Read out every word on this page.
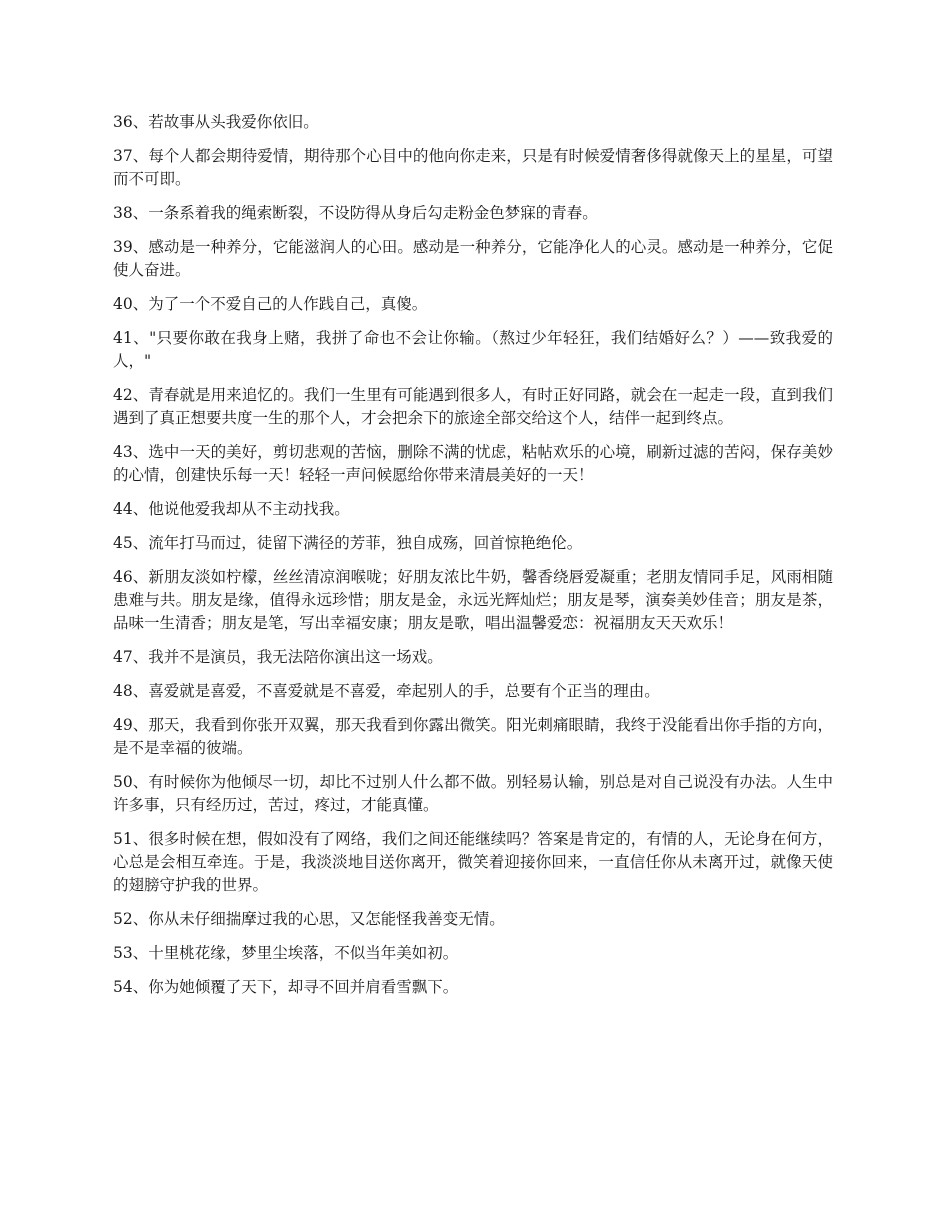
36、若故事从头我爱你依旧。

37、每个人都会期待爱情，期待那个心目中的他向你走来，只是有时候爱情奢侈得就像天上的星星，可望而不可即。

38、一条系着我的绳索断裂，不设防得从身后勾走粉金色梦寐的青春。

39、感动是一种养分，它能滋润人的心田。感动是一种养分，它能净化人的心灵。感动是一种养分，它促使人奋进。

40、为了一个不爱自己的人作践自己，真傻。

41、"只要你敢在我身上赌，我拼了命也不会让你输。（熬过少年轻狂，我们结婚好么？）——致我爱的人，"

42、青春就是用来追忆的。我们一生里有可能遇到很多人，有时正好同路，就会在一起走一段，直到我们遇到了真正想要共度一生的那个人，才会把余下的旅途全部交给这个人，结伴一起到终点。

43、选中一天的美好，剪切悲观的苦恼，删除不满的忧虑，粘帖欢乐的心境，刷新过滤的苦闷，保存美妙的心情，创建快乐每一天！轻轻一声问候愿给你带来清晨美好的一天！

44、他说他爱我却从不主动找我。

45、流年打马而过，徒留下满径的芳菲，独自成殇，回首惊艳绝伦。

46、新朋友淡如柠檬，丝丝清凉润喉咙；好朋友浓比牛奶，馨香绕唇爱凝重；老朋友情同手足，风雨相随患难与共。朋友是缘，值得永远珍惜；朋友是金，永远光辉灿烂；朋友是琴，演奏美妙佳音；朋友是茶，品味一生清香；朋友是笔，写出幸福安康；朋友是歌，唱出温馨爱恋：祝福朋友天天欢乐！

47、我并不是演员，我无法陪你演出这一场戏。

48、喜爱就是喜爱，不喜爱就是不喜爱，牵起别人的手，总要有个正当的理由。

49、那天，我看到你张开双翼，那天我看到你露出微笑。阳光刺痛眼睛，我终于没能看出你手指的方向，是不是幸福的彼端。

50、有时候你为他倾尽一切，却比不过别人什么都不做。别轻易认输，别总是对自己说没有办法。人生中许多事，只有经历过，苦过，疼过，才能真懂。

51、很多时候在想，假如没有了网络，我们之间还能继续吗？答案是肯定的，有情的人，无论身在何方，心总是会相互牵连。于是，我淡淡地目送你离开，微笑着迎接你回来，一直信任你从未离开过，就像天使的翅膀守护我的世界。

52、你从未仔细揣摩过我的心思，又怎能怪我善变无情。

53、十里桃花缘，梦里尘埃落，不似当年美如初。

54、你为她倾覆了天下，却寻不回并肩看雪飘下。
